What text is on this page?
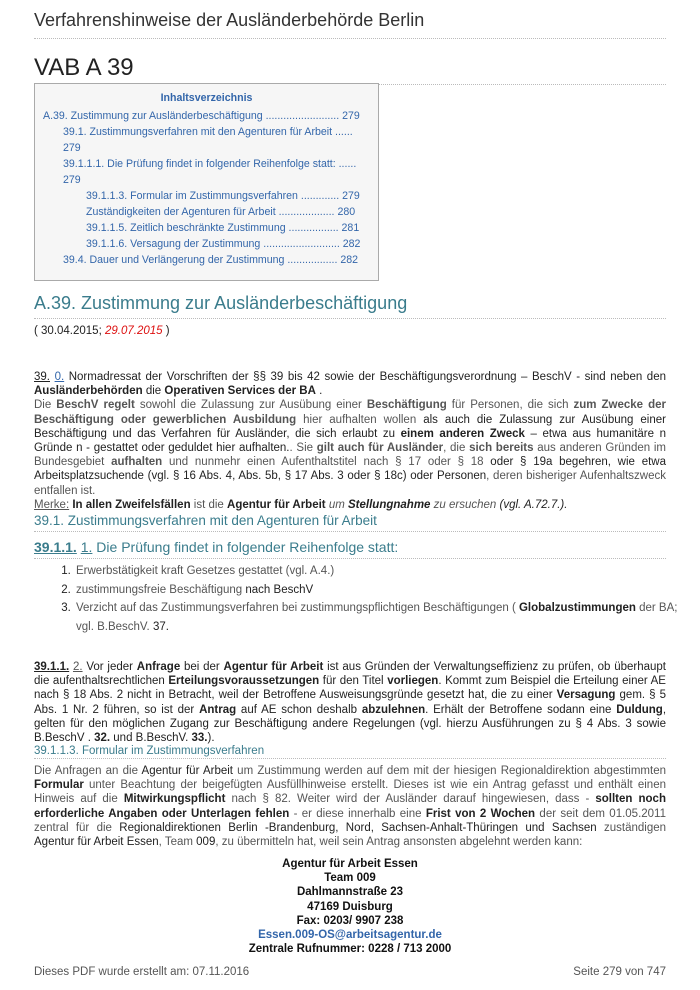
Verfahrenshinweise der Ausländerbehörde Berlin
VAB A 39
Inhaltsverzeichnis
A.39. Zustimmung zur Ausländerbeschäftigung ......................... 279
39.1. Zustimmungsverfahren mit den Agenturen für Arbeit ...... 279
39.1.1.1. Die Prüfung findet in folgender Reihenfolge statt: ...... 279
39.1.1.3. Formular im Zustimmungsverfahren ............. 279
Zuständigkeiten der Agenturen für Arbeit ................... 280
39.1.1.5. Zeitlich beschränkte Zustimmung ................. 281
39.1.1.6. Versagung der Zustimmung .......................... 282
39.4. Dauer und Verlängerung der Zustimmung ................. 282
A.39. Zustimmung zur Ausländerbeschäftigung
( 30.04.2015; 29.07.2015 )
39. 0. Normadressat der Vorschriften der §§ 39 bis 42 sowie der Beschäftigungsverordnung – BeschV - sind neben den Ausländerbehörden die Operativen Services der BA .
Die BeschV regelt sowohl die Zulassung zur Ausübung einer Beschäftigung für Personen, die sich zum Zwecke der Beschäftigung oder gewerblichen Ausbildung hier aufhalten wollen als auch die Zulassung zur Ausübung einer Beschäftigung und das Verfahren für Ausländer, die sich erlaubt zu einem anderen Zweck – etwa aus humanitäre n Gründe n - gestattet oder geduldet hier aufhalten.. Sie gilt auch für Ausländer, die sich bereits aus anderen Gründen im Bundesgebiet aufhalten und nunmehr einen Aufenthaltstitel nach § 17 oder § 18 oder § 19a begehren, wie etwa Arbeitsplatzsuchende (vgl. § 16 Abs. 4, Abs. 5b, § 17 Abs. 3 oder § 18c) oder Personen, deren bisheriger Aufenhaltszweck entfallen ist.
Merke: In allen Zweifelsfällen ist die Agentur für Arbeit um Stellungnahme zu ersuchen (vgl. A.72.7.).
39.1. Zustimmungsverfahren mit den Agenturen für Arbeit
39.1.1. 1. Die Prüfung findet in folgender Reihenfolge statt:
1. Erwerbstätigkeit kraft Gesetzes gestattet (vgl. A.4.)
2. zustimmungsfreie Beschäftigung nach BeschV
3. Verzicht auf das Zustimmungsverfahren bei zustimmungspflichtigen Beschäftigungen ( Globalzustimmungen der BA; vgl. B.BeschV. 37.
39.1.1. 2. Vor jeder Anfrage bei der Agentur für Arbeit ist aus Gründen der Verwaltungseffizienz zu prüfen, ob überhaupt die aufenthaltsrechtlichen Erteilungsvoraussetzungen für den Titel vorliegen. Kommt zum Beispiel die Erteilung einer AE nach § 18 Abs. 2 nicht in Betracht, weil der Betroffene Ausweisungsgründe gesetzt hat, die zu einer Versagung gem. § 5 Abs. 1 Nr. 2 führen, so ist der Antrag auf AE schon deshalb abzulehnen. Erhält der Betroffene sodann eine Duldung, gelten für den möglichen Zugang zur Beschäftigung andere Regelungen (vgl. hierzu Ausführungen zu § 4 Abs. 3 sowie B.BeschV . 32. und B.BeschV. 33.).
39.1.1.3. Formular im Zustimmungsverfahren
Die Anfragen an die Agentur für Arbeit um Zustimmung werden auf dem mit der hiesigen Regionaldirektion abgestimmten Formular unter Beachtung der beigefügten Ausfüllhinweise erstellt. Dieses ist wie ein Antrag gefasst und enthält einen Hinweis auf die Mitwirkungspflicht nach § 82. Weiter wird der Ausländer darauf hingewiesen, dass - sollten noch erforderliche Angaben oder Unterlagen fehlen - er diese innerhalb eine Frist von 2 Wochen der seit dem 01.05.2011 zentral für die Regionaldirektionen Berlin -Brandenburg, Nord, Sachsen-Anhalt-Thüringen und Sachsen zuständigen Agentur für Arbeit Essen, Team 009, zu übermitteln hat, weil sein Antrag ansonsten abgelehnt werden kann:
Agentur für Arbeit Essen
Team 009
Dahlmannstraße 23
47169 Duisburg
Fax: 0203/ 9907 238
Essen.009-OS@arbeitsagentur.de
Zentrale Rufnummer: 0228 / 713 2000
Dieses PDF wurde erstellt am: 07.11.2016	Seite 279 von 747
